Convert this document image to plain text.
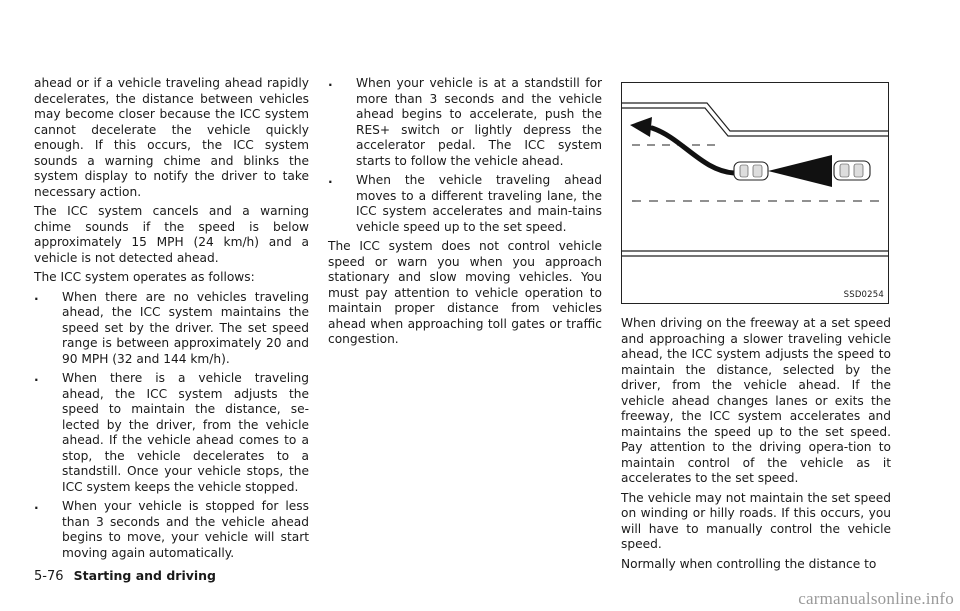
ahead or if a vehicle traveling ahead rapidly decelerates, the distance between vehicles may become closer because the ICC system cannot decelerate the vehicle quickly enough. If this occurs, the ICC system sounds a warning chime and blinks the system display to notify the driver to take necessary action.

The ICC system cancels and a warning chime sounds if the speed is below approximately 15 MPH (24 km/h) and a vehicle is not detected ahead.

The ICC system operates as follows:

. When there are no vehicles traveling ahead, the ICC system maintains the speed set by the driver. The set speed range is between approximately 20 and 90 MPH (32 and 144 km/h).
. When there is a vehicle traveling ahead, the ICC system adjusts the speed to maintain the distance, se-lected by the driver, from the vehicle ahead. If the vehicle ahead comes to a stop, the vehicle decelerates to a standstill. Once your vehicle stops, the ICC system keeps the vehicle stopped.
. When your vehicle is stopped for less than 3 seconds and the vehicle ahead begins to move, your vehicle will start moving again automatically.
. When your vehicle is at a standstill for more than 3 seconds and the vehicle ahead begins to accelerate, push the RES+ switch or lightly depress the accelerator pedal. The ICC system starts to follow the vehicle ahead.
. When the vehicle traveling ahead moves to a different traveling lane, the ICC system accelerates and main-tains vehicle speed up to the set speed.

The ICC system does not control vehicle speed or warn you when you approach stationary and slow moving vehicles. You must pay attention to vehicle operation to maintain proper distance from vehicles ahead when approaching toll gates or traffic congestion.

SSD0254

When driving on the freeway at a set speed and approaching a slower traveling vehicle ahead, the ICC system adjusts the speed to maintain the distance, selected by the driver, from the vehicle ahead. If the vehicle ahead changes lanes or exits the freeway, the ICC system accelerates and maintains the speed up to the set speed. Pay attention to the driving opera-tion to maintain control of the vehicle as it accelerates to the set speed.

The vehicle may not maintain the set speed on winding or hilly roads. If this occurs, you will have to manually control the vehicle speed.

Normally when controlling the distance to

5-76 Starting and driving
carmanualsonline.info
